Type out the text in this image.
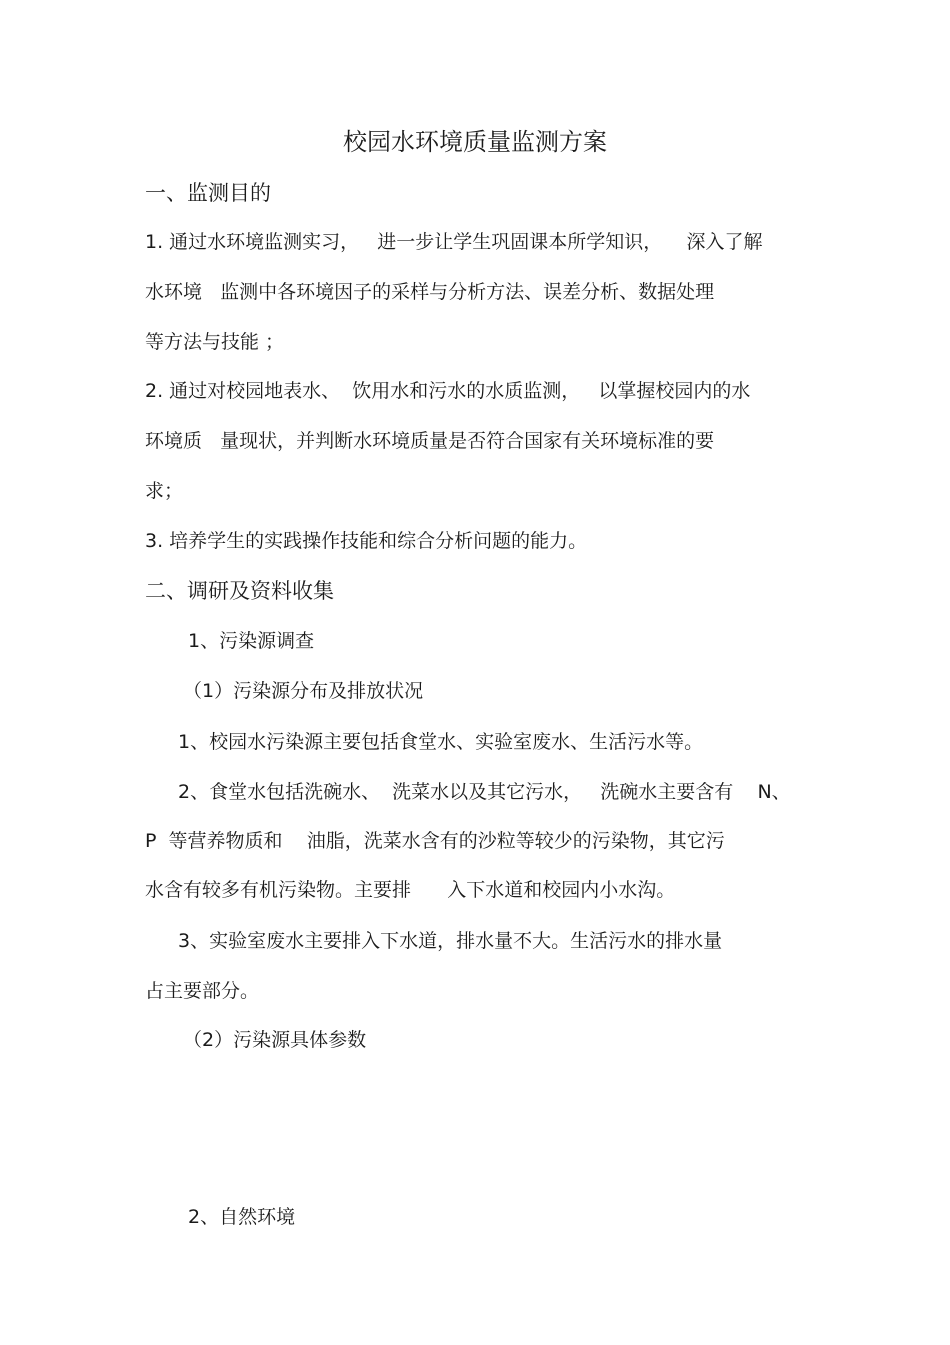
校园水环境质量监测方案
一、监测目的
1. 通过水环境监测实习，   进一步让学生巩固课本所学知识，    深入了解
水环境   监测中各环境因子的采样与分析方法、误差分析、数据处理
等方法与技能 ；
2. 通过对校园地表水、  饮用水和污水的水质监测，   以掌握校园内的水
环境质   量现状，并判断水环境质量是否符合国家有关环境标准的要
求；
3. 培养学生的实践操作技能和综合分析问题的能力。
二、调研及资料收集
1、污染源调查
（1）污染源分布及排放状况
1、校园水污染源主要包括食堂水、实验室废水、生活污水等。
2、食堂水包括洗碗水、  洗菜水以及其它污水，   洗碗水主要含有    N、
P  等营养物质和    油脂，洗菜水含有的沙粒等较少的污染物，其它污
水含有较多有机污染物。主要排      入下水道和校园内小水沟。
3、实验室废水主要排入下水道，排水量不大。生活污水的排水量
占主要部分。
（2）污染源具体参数
2、自然环境
